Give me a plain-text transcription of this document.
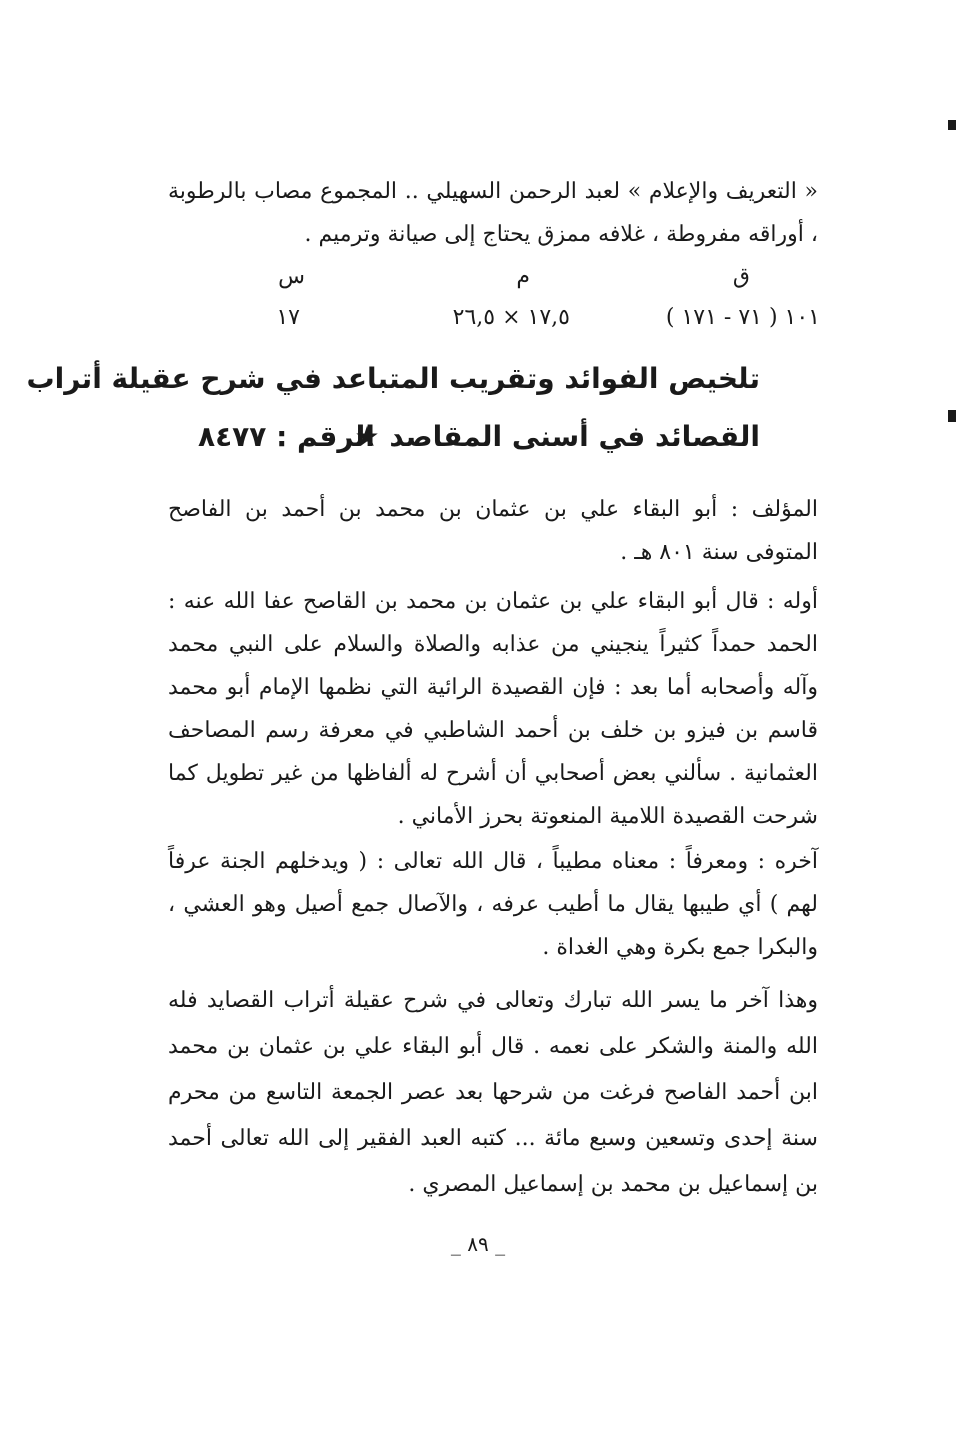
« التعريف والإعلام » لعبد الرحمن السهيلي .. المجموع مصاب بالرطوبة ، أوراقه مفروطة ، غلافه ممزق يحتاج إلى صيانة وترميم .

ق
م
س
١٠١ ( ٧١ - ١٧١ )
١٧,٥ × ٢٦,٥
١٧
تلخيص الفوائد وتقريب المتباعد في شرح عقيلة أتراب
القصائد في أسنى المقاصد ★
الرقم : ٨٤٧٧

المؤلف : أبو البقاء علي بن عثمان بن محمد بن أحمد بن الفاصح المتوفى سنة ٨٠١ هـ .

أوله : قال أبو البقاء علي بن عثمان بن محمد بن القاصح عفا الله عنه : الحمد حمداً كثيراً ينجيني من عذابه والصلاة والسلام على النبي محمد وآله وأصحابه أما بعد : فإن القصيدة الرائية التي نظمها الإمام أبو محمد قاسم بن فيزو بن خلف بن أحمد الشاطبي في معرفة رسم المصاحف العثمانية . سألني بعض أصحابي أن أشرح له ألفاظها من غير تطويل كما شرحت القصيدة اللامية المنعوتة بحرز الأماني .

آخره : ومعرفاً : معناه مطيباً ، قال الله تعالى : ( ويدخلهم الجنة عرفاً لهم ) أي طيبها يقال ما أطيب عرفه ، والآصال جمع أصيل وهو العشي ، والبكرا جمع بكرة وهي الغداة .

وهذا آخر ما يسر الله تبارك وتعالى في شرح عقيلة أتراب القصايد فله الله والمنة والشكر على نعمه . قال أبو البقاء علي بن عثمان بن محمد ابن أحمد الفاصح فرغت من شرحها بعد عصر الجمعة التاسع من محرم سنة إحدى وتسعين وسبع مائة ... كتبه العبد الفقير إلى الله تعالى أحمد بن إسماعيل بن محمد بن إسماعيل المصري .

_ ٨٩ _
